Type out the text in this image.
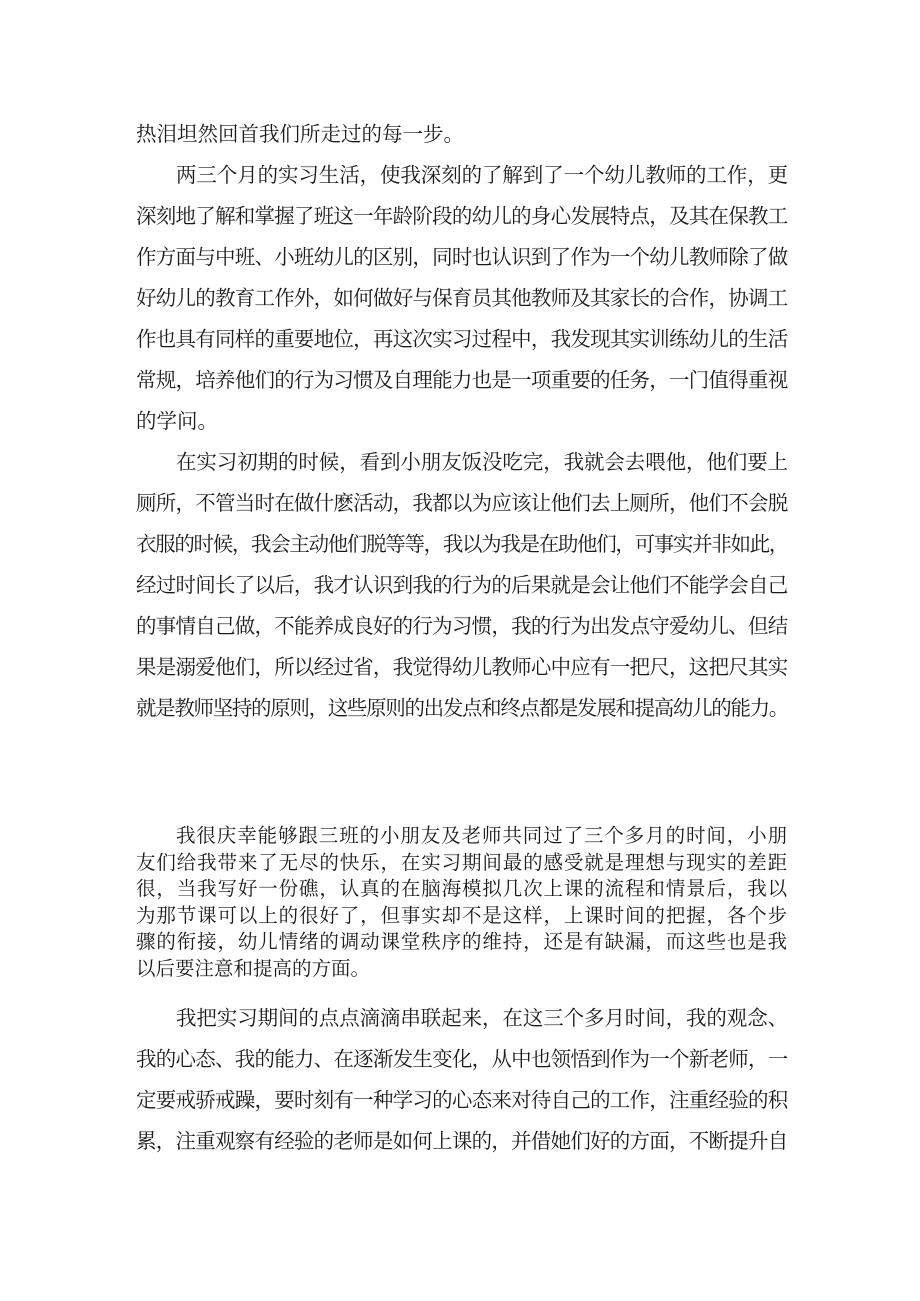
热泪坦然回首我们所走过的每一步。
两三个月的实习生活，使我深刻的了解到了一个幼儿教师的工作，更
深刻地了解和掌握了班这一年龄阶段的幼儿的身心发展特点，及其在保教工
作方面与中班、小班幼儿的区别，同时也认识到了作为一个幼儿教师除了做
好幼儿的教育工作外，如何做好与保育员其他教师及其家长的合作，协调工
作也具有同样的重要地位，再这次实习过程中，我发现其实训练幼儿的生活
常规，培养他们的行为习惯及自理能力也是一项重要的任务，一门值得重视
的学问。
在实习初期的时候，看到小朋友饭没吃完，我就会去喂他，他们要上
厕所，不管当时在做什麽活动，我都以为应该让他们去上厕所，他们不会脱
衣服的时候，我会主动他们脱等等，我以为我是在助他们，可事实并非如此，
经过时间长了以后，我才认识到我的行为的后果就是会让他们不能学会自己
的事情自己做，不能养成良好的行为习惯，我的行为出发点守爱幼儿、但结
果是溺爱他们，所以经过省，我觉得幼儿教师心中应有一把尺，这把尺其实
就是教师坚持的原则，这些原则的出发点和终点都是发展和提高幼儿的能力。
我很庆幸能够跟三班的小朋友及老师共同过了三个多月的时间，小朋
友们给我带来了无尽的快乐，在实习期间最的感受就是理想与现实的差距
很，当我写好一份礁，认真的在脑海模拟几次上课的流程和情景后，我以
为那节课可以上的很好了，但事实却不是这样，上课时间的把握，各个步
骤的衔接，幼儿情绪的调动课堂秩序的维持，还是有缺漏，而这些也是我
以后要注意和提高的方面。
我把实习期间的点点滴滴串联起来，在这三个多月时间，我的观念、
我的心态、我的能力、在逐渐发生变化，从中也领悟到作为一个新老师，一
定要戒骄戒躁，要时刻有一种学习的心态来对待自己的工作，注重经验的积
累，注重观察有经验的老师是如何上课的，并借她们好的方面，不断提升自
